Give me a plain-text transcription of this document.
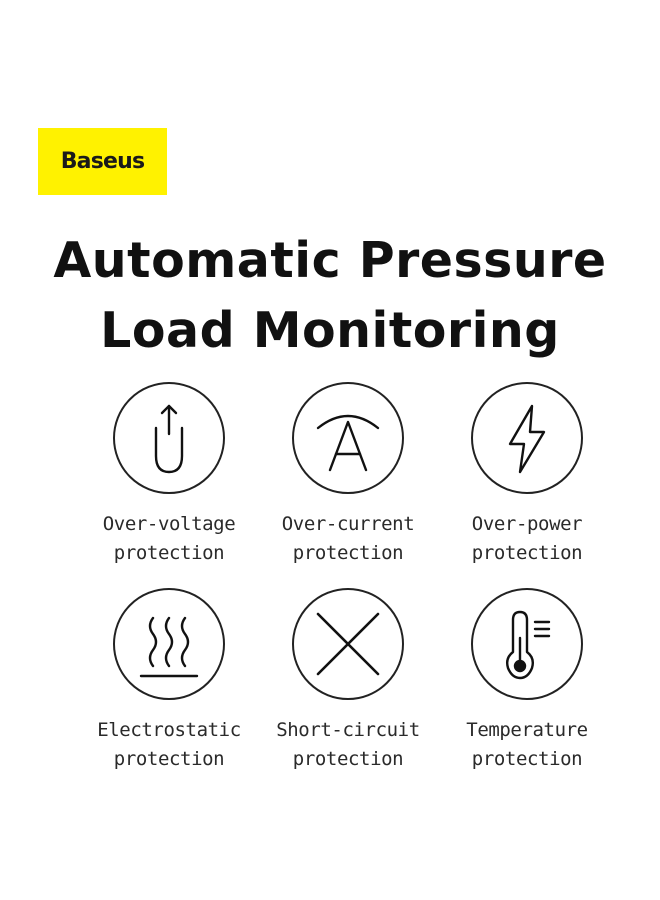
Baseus
Automatic Pressure
Load Monitoring
Over-voltage
protection
Over-current
protection
Over-power
protection
Electrostatic
protection
Short-circuit
protection
Temperature
protection
